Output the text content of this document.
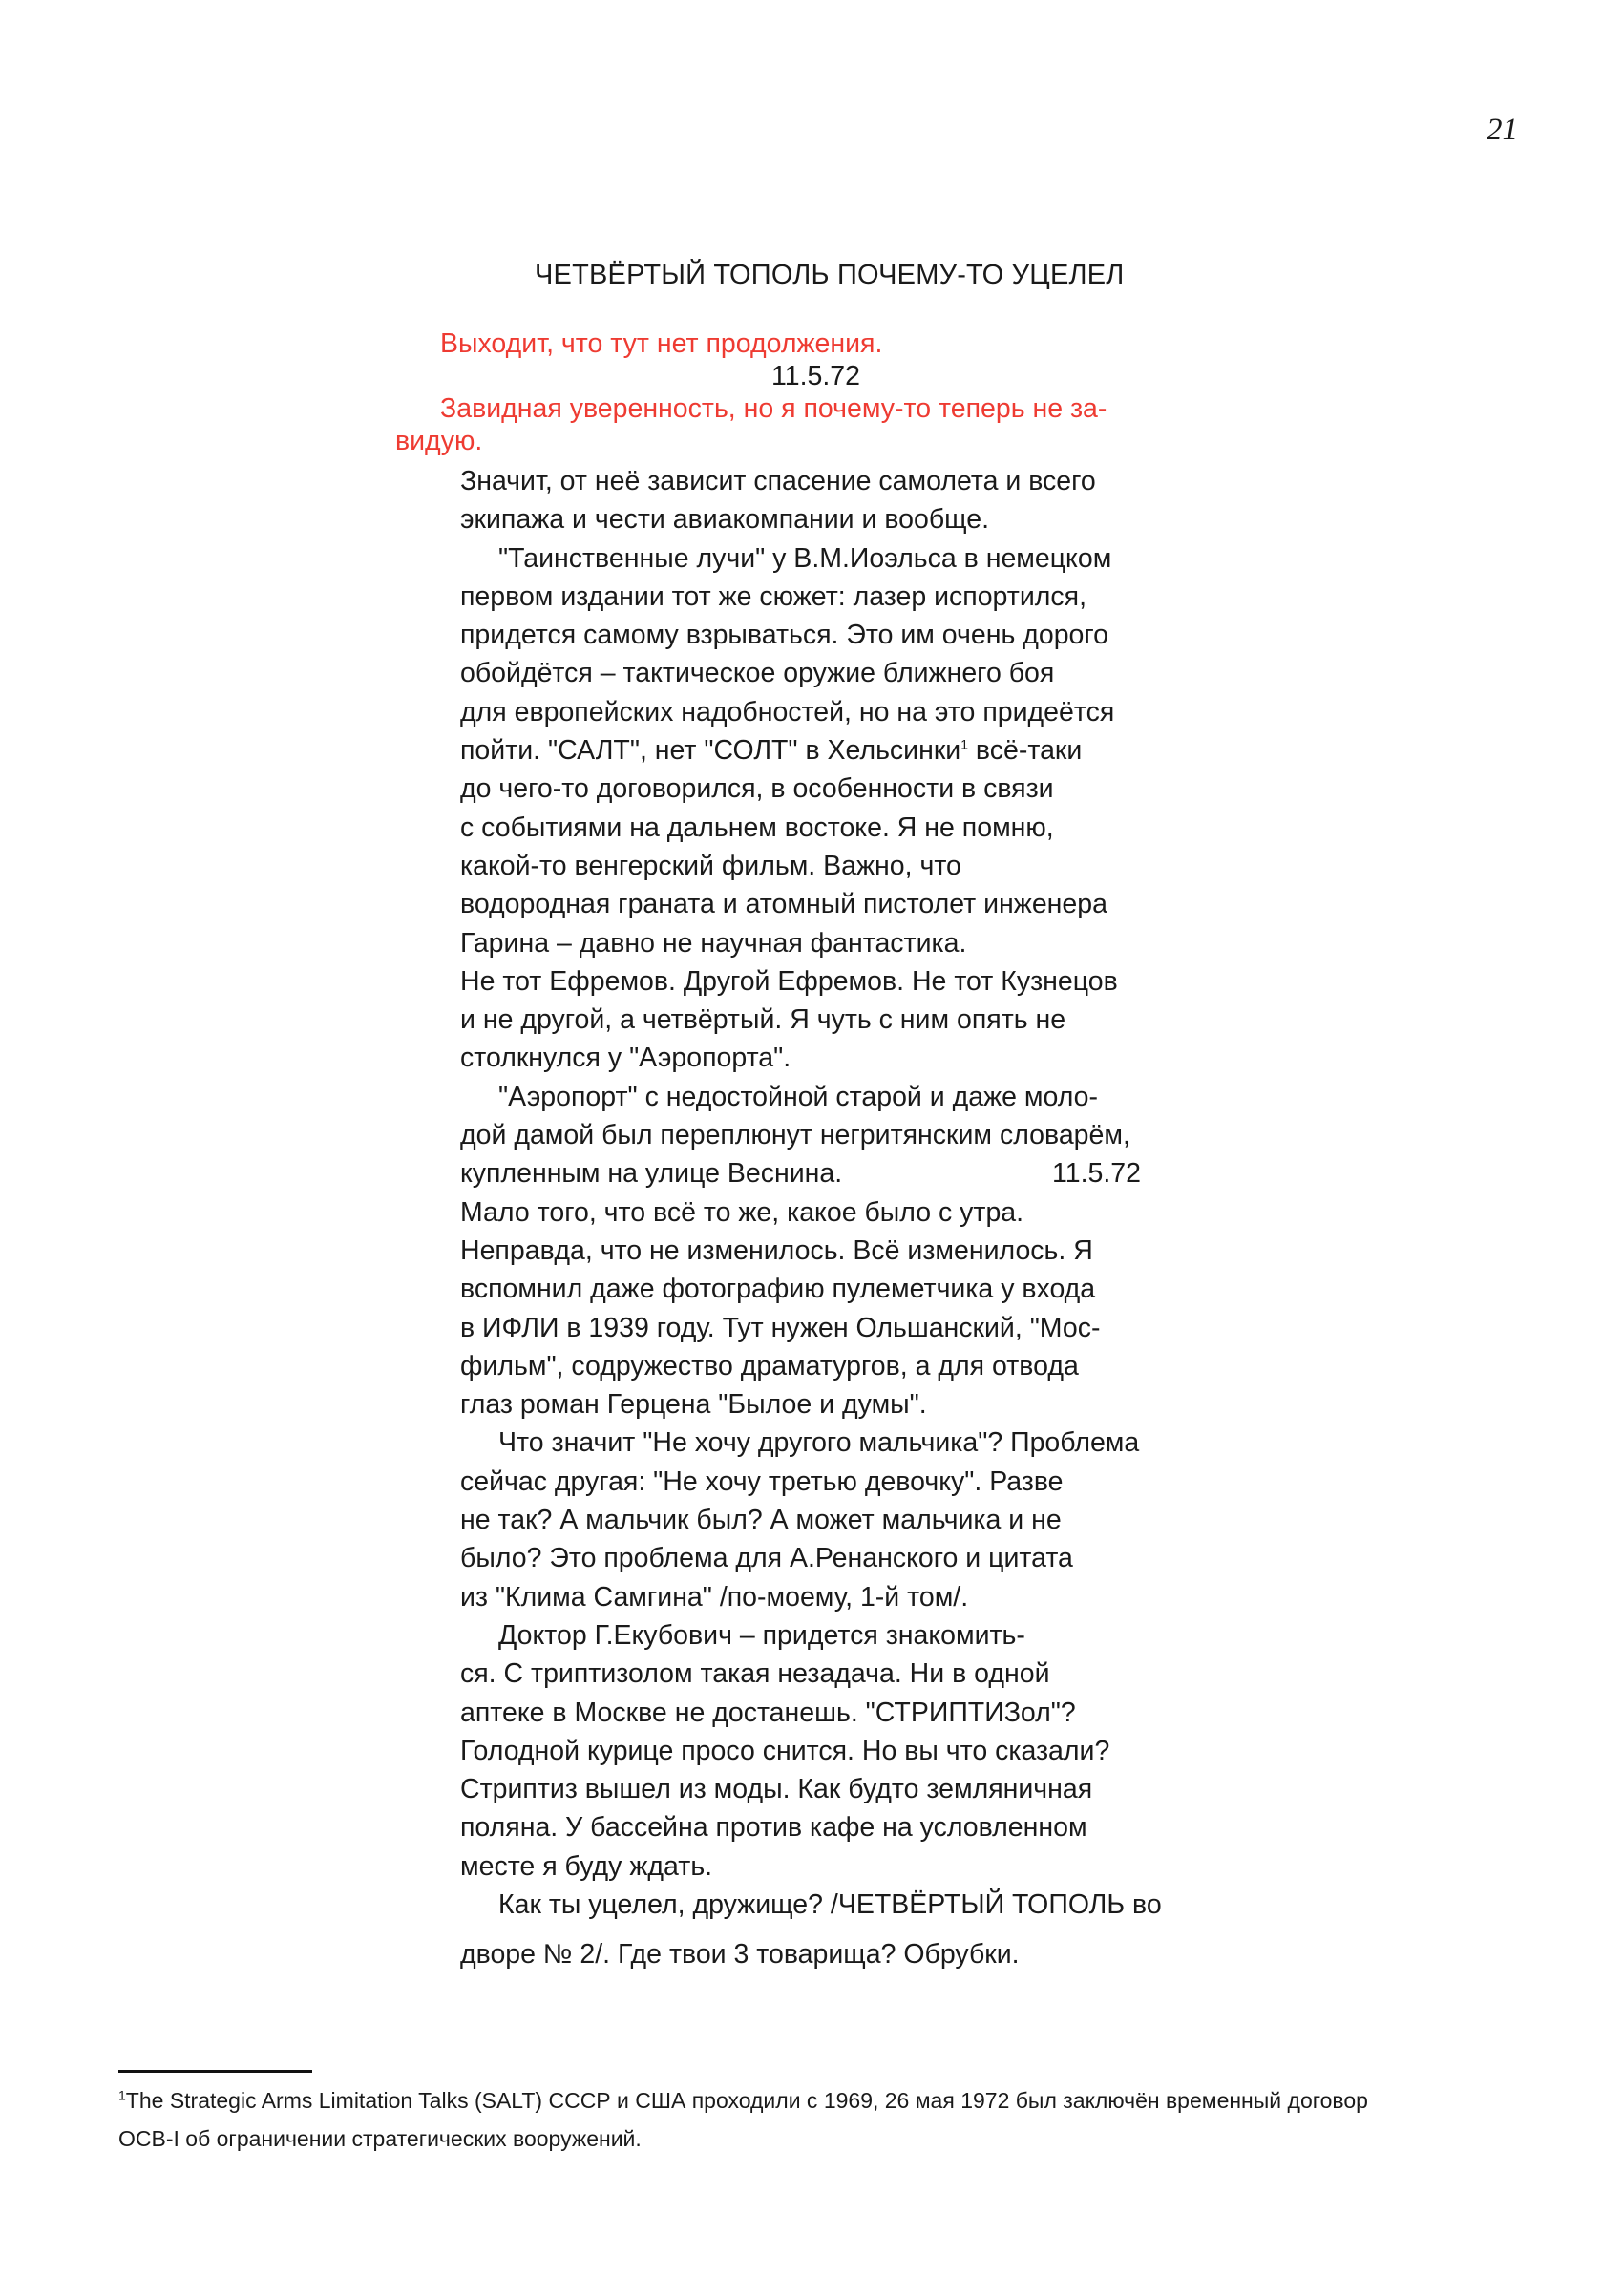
21
ЧЕТВЁРТЫЙ ТОПОЛЬ ПОЧЕМУ-ТО УЦЕЛЕЛ
Выходит, что тут нет продолжения.
11.5.72
Завидная уверенность, но я почему-то теперь не за-
видую.
Значит, от неё зависит спасение самолета и всего
экипажа и чести авиакомпании и вообще.
"Таинственные лучи" у В.М.Иоэльса в немецком
первом издании тот же сюжет: лазер испортился,
придется самому взрываться. Это им очень дорого
обойдётся – тактическое оружие ближнего боя
для европейских надобностей, но на это придеётся
пойти. "САЛТ", нет "СОЛТ" в Хельсинки$^1$ всё-таки
до чего-то договорился, в особенности в связи
с событиями на дальнем востоке. Я не помню,
какой-то венгерский фильм. Важно, что
водородная граната и атомный пистолет инженера
Гарина – давно не научная фантастика.
Не тот Ефремов. Другой Ефремов. Не тот Кузнецов
и не другой, а четвёртый. Я чуть с ним опять не
столкнулся у "Аэропорта".
"Аэропорт" с недостойной старой и даже моло-
дой дамой был переплюнут негритянским словарём,
купленным на улице Веснина.	11.5.72
Мало того, что всё то же, какое было с утра.
Неправда, что не изменилось. Всё изменилось. Я
вспомнил даже фотографию пулеметчика у входа
в ИФЛИ в 1939 году. Тут нужен Ольшанский, "Мос-
фильм", содружество драматургов, а для отвода
глаз роман Герцена "Былое и думы".
Что значит "Не хочу другого мальчика"? Проблема
сейчас другая: "Не хочу третью девочку". Разве
не так? А мальчик был? А может мальчика и не
было? Это проблема для А.Ренанского и цитата
из "Клима Самгина" /по-моему, 1-й том/.
Доктор Г.Екубович – придется знакомить-
ся. С триптизолом такая незадача. Ни в одной
аптеке в Москве не достанешь. "СТРИПТИЗол"?
Голодной курице просо снится. Но вы что сказали?
Стриптиз вышел из моды. Как будто земляничная
поляна. У бассейна против кафе на условленном
месте я буду ждать.
Как ты уцелел, дружище? /ЧЕТВЁРТЫЙ ТОПОЛЬ во
дворе № 2/. Где твои 3 товарища? Обрубки.
$^1$The Strategic Arms Limitation Talks (SALT) СССР и США проходили с 1969, 26 мая 1972 был заключён временный договор
ОСВ-I об ограничении стратегических вооружений.
